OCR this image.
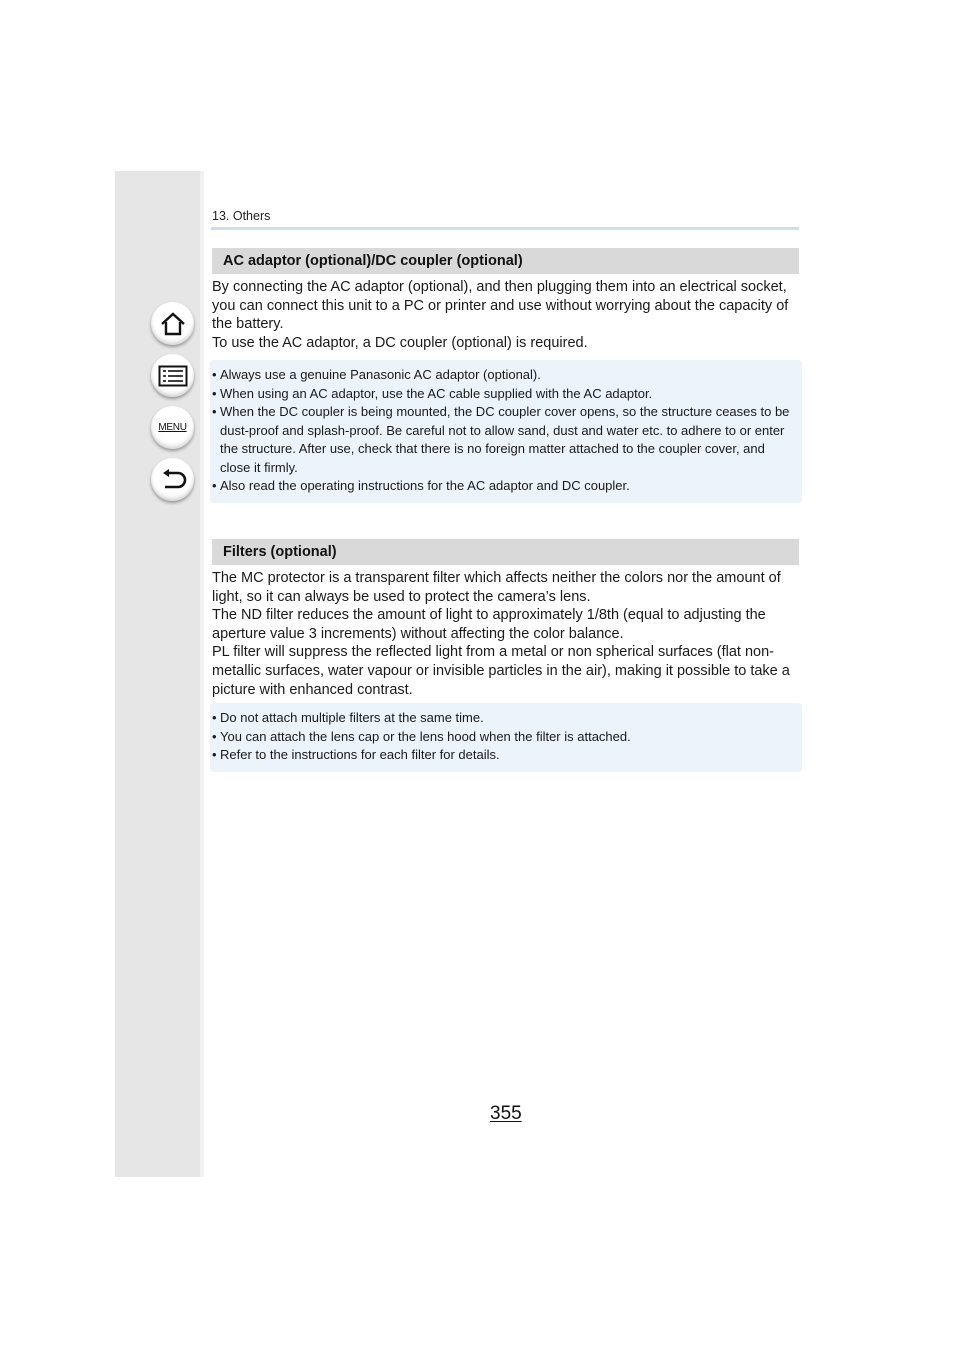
MENU
13. Others
AC adaptor (optional)/DC coupler (optional)

By connecting the AC adaptor (optional), and then plugging them into an electrical socket, you can connect this unit to a PC or printer and use without worrying about the capacity of the battery.

To use the AC adaptor, a DC coupler (optional) is required.

• Always use a genuine Panasonic AC adaptor (optional).
• When using an AC adaptor, use the AC cable supplied with the AC adaptor.
• When the DC coupler is being mounted, the DC coupler cover opens, so the structure ceases to be dust-proof and splash-proof. Be careful not to allow sand, dust and water etc. to adhere to or enter the structure. After use, check that there is no foreign matter attached to the coupler cover, and close it firmly.
• Also read the operating instructions for the AC adaptor and DC coupler.
Filters (optional)

The MC protector is a transparent filter which affects neither the colors nor the amount of light, so it can always be used to protect the camera’s lens.

The ND filter reduces the amount of light to approximately 1/8th (equal to adjusting the aperture value 3 increments) without affecting the color balance.

PL filter will suppress the reflected light from a metal or non spherical surfaces (flat non-metallic surfaces, water vapour or invisible particles in the air), making it possible to take a picture with enhanced contrast.

• Do not attach multiple filters at the same time.
• You can attach the lens cap or the lens hood when the filter is attached.
• Refer to the instructions for each filter for details.
355
